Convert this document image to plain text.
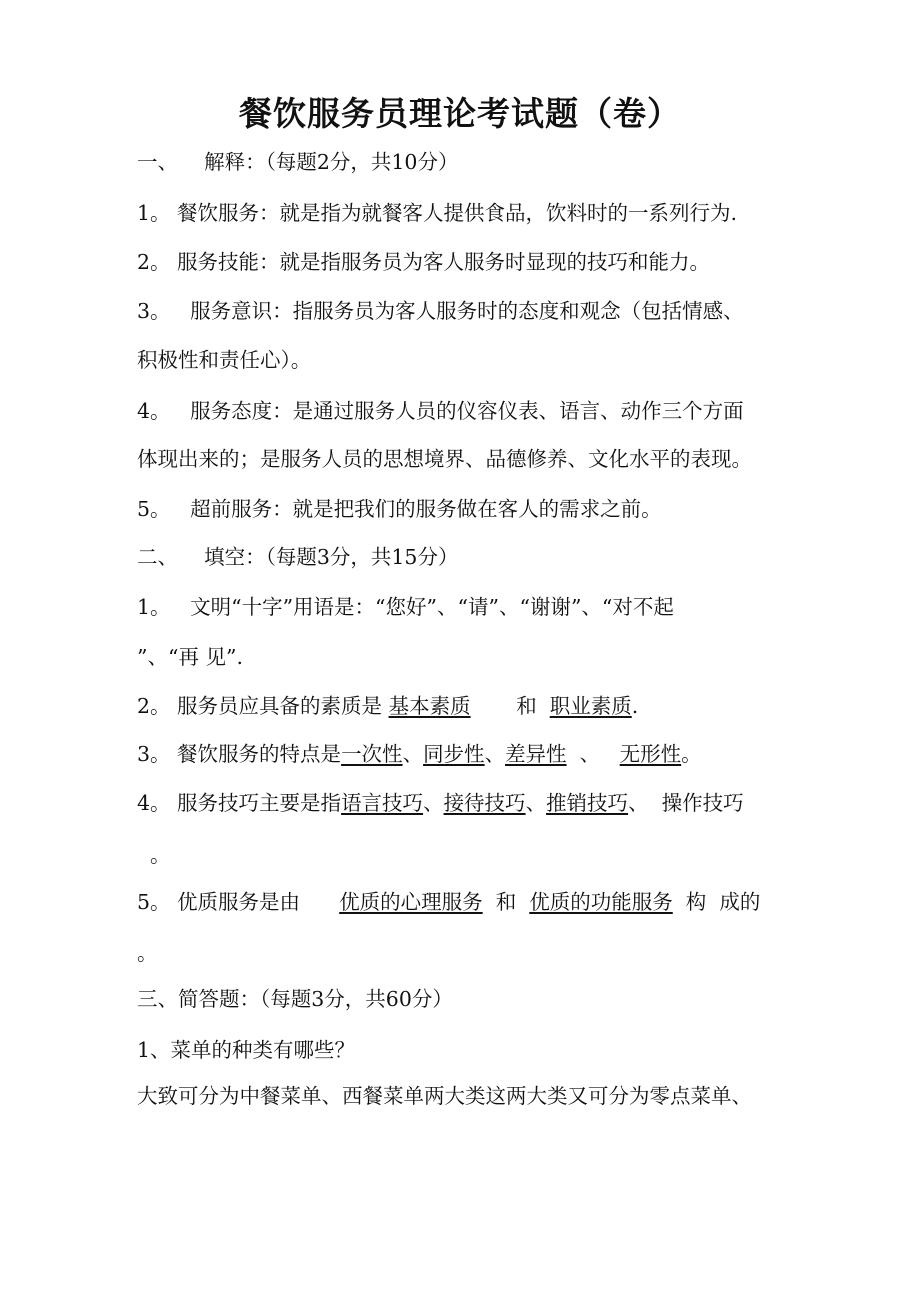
餐饮服务员理论考试题（卷）
一、    解释：（每题2分，共10分）
1。 餐饮服务：就是指为就餐客人提供食品，饮料时的一系列行为.
2。 服务技能：就是指服务员为客人服务时显现的技巧和能力。
3。   服务意识：指服务员为客人服务时的态度和观念（包括情感、
积极性和责任心）。
4。   服务态度：是通过服务人员的仪容仪表、语言、动作三个方面
体现出来的；是服务人员的思想境界、品德修养、文化水平的表现。
5。   超前服务：就是把我们的服务做在客人的需求之前。
二、    填空：（每题3分，共15分）
1。   文明“十字”用语是：“您好”、“请”、“谢谢”、“对不起
”、“再 见”.
2。 服务员应具备的素质是 基本素质       和  职业素质.
3。 餐饮服务的特点是一次性、同步性、差异性  、   无形性。
4。 服务技巧主要是指语言技巧、接待技巧、推销技巧、  操作技巧
。
5。 优质服务是由      优质的心理服务  和  优质的功能服务  构  成的
。
三、简答题：（每题3分，共60分）
1、菜单的种类有哪些？
大致可分为中餐菜单、西餐菜单两大类这两大类又可分为零点菜单、
